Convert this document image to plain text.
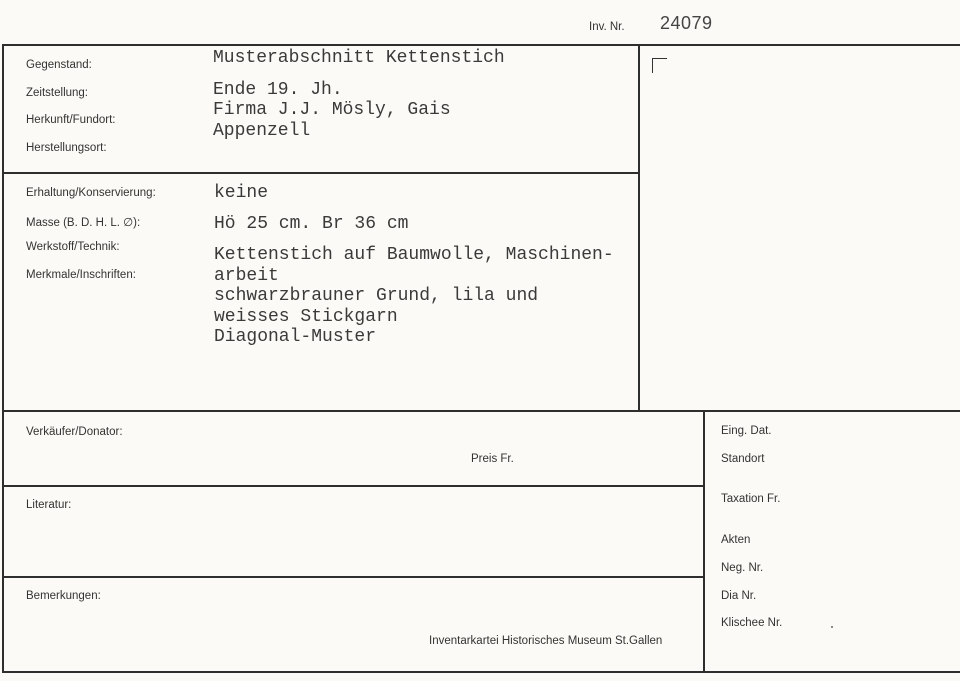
Inv. Nr. 24079
Gegenstand:
Zeitstellung:
Herkunft/Fundort:
Herstellungsort:
Musterabschnitt Kettenstich
Ende 19. Jh.
Firma J.J. Mösly, Gais
Appenzell
Erhaltung/Konservierung:
Masse (B. D. H. L. ∅):
Werkstoff/Technik:
Merkmale/Inschriften:
keine
Hö 25 cm. Br 36 cm
Kettenstich auf Baumwolle, Maschinen-
arbeit
schwarzbrauner Grund, lila und
weisses Stickgarn
Diagonal-Muster
Verkäufer/Donator:
Preis Fr.
Literatur:
Bemerkungen:
Inventarkartei Historisches Museum St.Gallen
Eing. Dat.
Standort
Taxation Fr.
Akten
Neg. Nr.
Dia Nr.
Klischee Nr.
